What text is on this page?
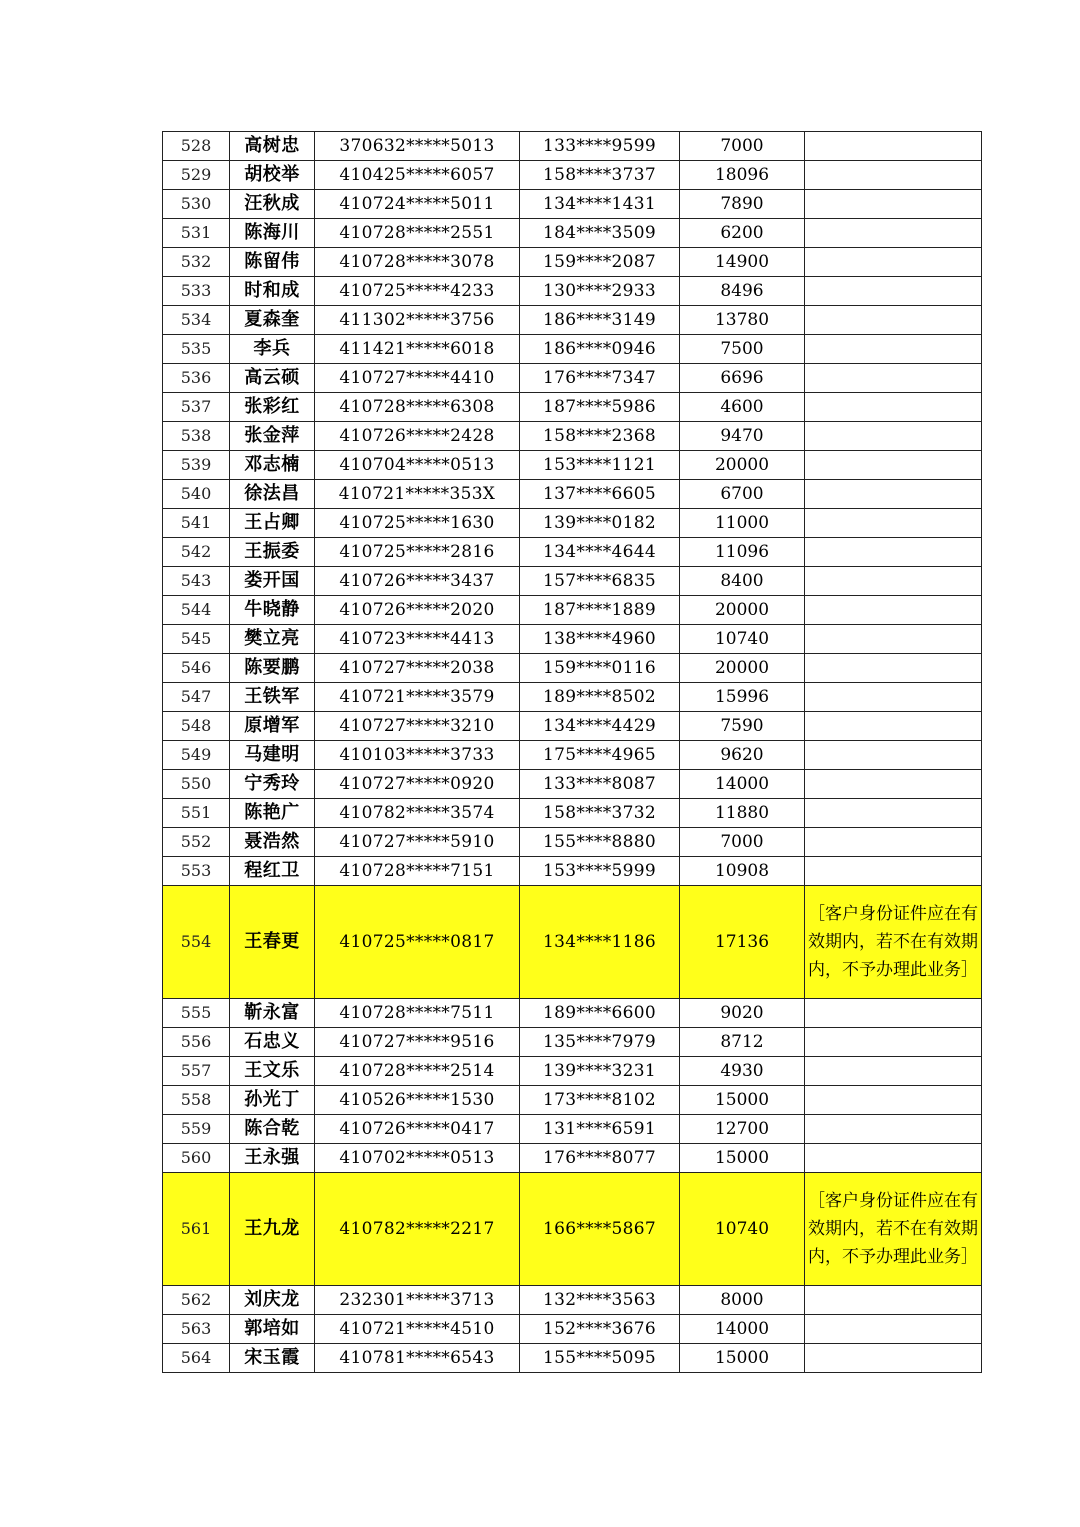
528	高树忠	370632*****5013	133****9599	7000	
529	胡校举	410425*****6057	158****3737	18096	
530	汪秋成	410724*****5011	134****1431	7890	
531	陈海川	410728*****2551	184****3509	6200	
532	陈留伟	410728*****3078	159****2087	14900	
533	时和成	410725*****4233	130****2933	8496	
534	夏森奎	411302*****3756	186****3149	13780	
535	李兵	411421*****6018	186****0946	7500	
536	高云硕	410727*****4410	176****7347	6696	
537	张彩红	410728*****6308	187****5986	4600	
538	张金萍	410726*****2428	158****2368	9470	
539	邓志楠	410704*****0513	153****1121	20000	
540	徐法昌	410721*****353X	137****6605	6700	
541	王占卿	410725*****1630	139****0182	11000	
542	王振委	410725*****2816	134****4644	11096	
543	娄开国	410726*****3437	157****6835	8400	
544	牛晓静	410726*****2020	187****1889	20000	
545	樊立亮	410723*****4413	138****4960	10740	
546	陈要鹏	410727*****2038	159****0116	20000	
547	王铁军	410721*****3579	189****8502	15996	
548	原增军	410727*****3210	134****4429	7590	
549	马建明	410103*****3733	175****4965	9620	
550	宁秀玲	410727*****0920	133****8087	14000	
551	陈艳广	410782*****3574	158****3732	11880	
552	聂浩然	410727*****5910	155****8880	7000	
553	程红卫	410728*****7151	153****5999	10908	
554	王春更	410725*****0817	134****1186	17136	［客户身份证件应在有效期内，若不在有效期内，不予办理此业务］
555	靳永富	410728*****7511	189****6600	9020	
556	石忠义	410727*****9516	135****7979	8712	
557	王文乐	410728*****2514	139****3231	4930	
558	孙光丁	410526*****1530	173****8102	15000	
559	陈合乾	410726*****0417	131****6591	12700	
560	王永强	410702*****0513	176****8077	15000	
561	王九龙	410782*****2217	166****5867	10740	［客户身份证件应在有效期内，若不在有效期内，不予办理此业务］
562	刘庆龙	232301*****3713	132****3563	8000	
563	郭培如	410721*****4510	152****3676	14000	
564	宋玉霞	410781*****6543	155****5095	15000	
